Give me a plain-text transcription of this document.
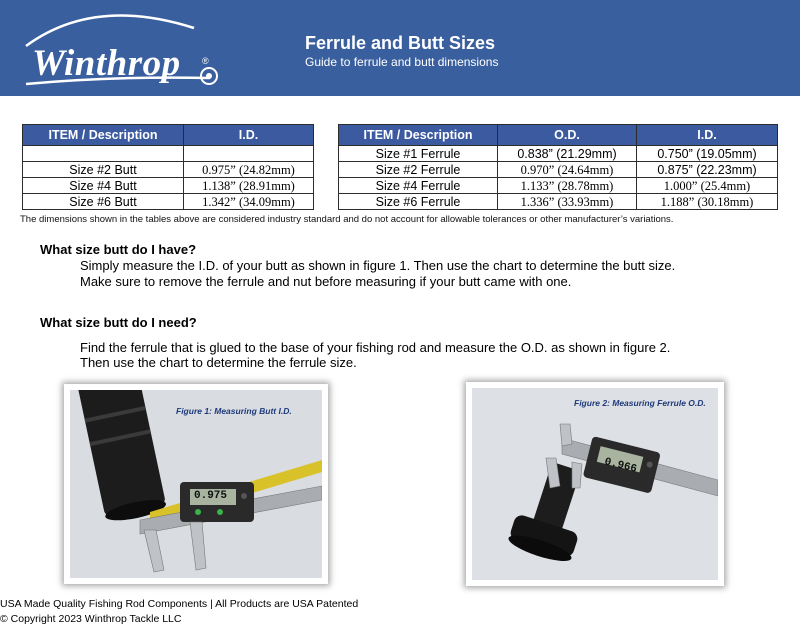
Winthrop ®
Ferrule and Butt Sizes
Guide to ferrule and butt dimensions
ITEM / Description	I.D.

Size #2 Butt	0.975” (24.82mm)
Size #4 Butt	1.138” (28.91mm)
Size #6 Butt	1.342” (34.09mm)
ITEM / Description	O.D.	I.D.
Size #1 Ferrule	0.838” (21.29mm)	0.750” (19.05mm)
Size #2 Ferrule	0.970” (24.64mm)	0.875” (22.23mm)
Size #4 Ferrule	1.133” (28.78mm)	1.000” (25.4mm)
Size #6 Ferrule	1.336” (33.93mm)	1.188” (30.18mm)
The dimensions shown in the tables above are considered industry standard and do not account for allowable tolerances or other manufacturer’s variations.
What size butt do I have?
Simply measure the I.D. of your butt as shown in figure 1. Then use the chart to determine the butt size.
Make sure to remove the ferrule and nut before measuring if your butt came with one.
What size butt do I need?
Find the ferrule that is glued to the base of your fishing rod and measure the O.D. as shown in figure 2.
Then use the chart to determine the ferrule size.
Figure 1: Measuring Butt I.D.
0.975
Figure 2: Measuring Ferrule O.D.
0.966
USA Made Quality Fishing Rod Components | All Products are USA Patented
© Copyright 2023 Winthrop Tackle LLC
